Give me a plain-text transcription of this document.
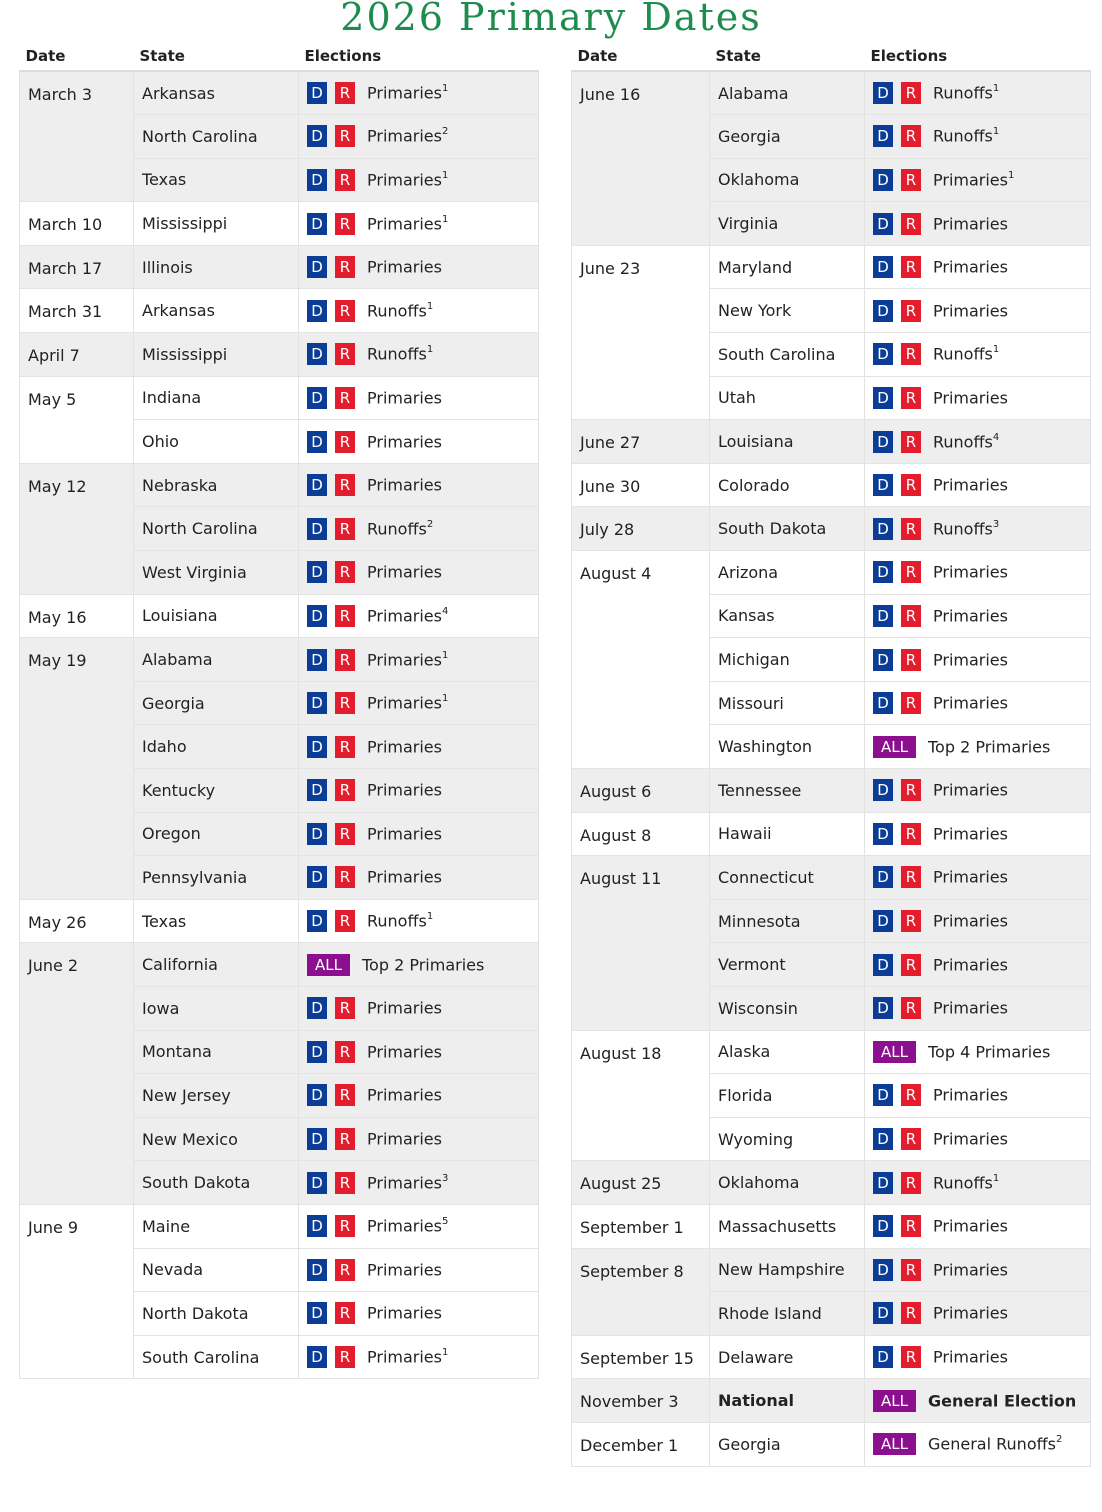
2026 Primary Dates
Date	State	Elections
March 3	Arkansas	D R Primaries$^1$
	North Carolina	D R Primaries$^2$
	Texas	D R Primaries$^1$
March 10	Mississippi	D R Primaries$^1$
March 17	Illinois	D R Primaries
March 31	Arkansas	D R Runoffs$^1$
April 7	Mississippi	D R Runoffs$^1$
May 5	Indiana	D R Primaries
	Ohio	D R Primaries
May 12	Nebraska	D R Primaries
	North Carolina	D R Runoffs$^2$
	West Virginia	D R Primaries
May 16	Louisiana	D R Primaries$^4$
May 19	Alabama	D R Primaries$^1$
	Georgia	D R Primaries$^1$
	Idaho	D R Primaries
	Kentucky	D R Primaries
	Oregon	D R Primaries
	Pennsylvania	D R Primaries
May 26	Texas	D R Runoffs$^1$
June 2	California	ALL Top 2 Primaries
	Iowa	D R Primaries
	Montana	D R Primaries
	New Jersey	D R Primaries
	New Mexico	D R Primaries
	South Dakota	D R Primaries$^3$
June 9	Maine	D R Primaries$^5$
	Nevada	D R Primaries
	North Dakota	D R Primaries
	South Carolina	D R Primaries$^1$
Date	State	Elections
June 16	Alabama	D R Runoffs$^1$
	Georgia	D R Runoffs$^1$
	Oklahoma	D R Primaries$^1$
	Virginia	D R Primaries
June 23	Maryland	D R Primaries
	New York	D R Primaries
	South Carolina	D R Runoffs$^1$
	Utah	D R Primaries
June 27	Louisiana	D R Runoffs$^4$
June 30	Colorado	D R Primaries
July 28	South Dakota	D R Runoffs$^3$
August 4	Arizona	D R Primaries
	Kansas	D R Primaries
	Michigan	D R Primaries
	Missouri	D R Primaries
	Washington	ALL Top 2 Primaries
August 6	Tennessee	D R Primaries
August 8	Hawaii	D R Primaries
August 11	Connecticut	D R Primaries
	Minnesota	D R Primaries
	Vermont	D R Primaries
	Wisconsin	D R Primaries
August 18	Alaska	ALL Top 4 Primaries
	Florida	D R Primaries
	Wyoming	D R Primaries
August 25	Oklahoma	D R Runoffs$^1$
September 1	Massachusetts	D R Primaries
September 8	New Hampshire	D R Primaries
	Rhode Island	D R Primaries
September 15	Delaware	D R Primaries
November 3	National	ALL General Election
December 1	Georgia	ALL General Runoffs$^2$
